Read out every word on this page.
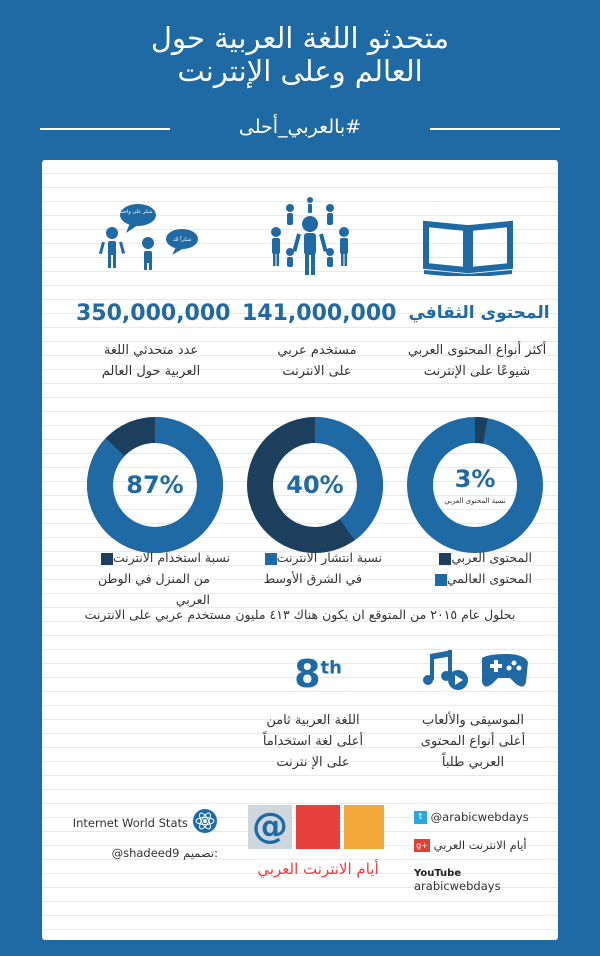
متحدثو اللغة العربية حول
العالم وعلى الإنترنت
#بالعربي_أحلى
لا شكر على واجب
شكراً لك
350,000,000 141,000,000 المحتوى الثقافي
عدد متحدثي اللغة
العربية حول العالم
مستخدم عربي
على الانترنت
أكثر أنواع المحتوى العربي
شيوعًا على الإنترنت
87%	40%	3%
نسبة المحتوى العربي
نسبة استخدام الانترنت
من المنزل في الوطن العربي
نسبة انتشار الانترنت
في الشرق الأوسط
المحتوى العربي
المحتوى العالمي
بحلول عام ٢٠١٥ من المتوقع ان يكون هناك ٤١٣ مليون مستخدم عربي على الانترنت
8th
اللغة العربية ثامن
أعلى لغة استخداماً
على الإ نترنت
الموسيقى والألعاب
أعلى أنواع المحتوى
العربي طلباً
Internet World Stats
@shadeed9 تصميم:
@
أيام الانترنت العربي
t @arabicwebdays
g+ أيام الانترنت العربي
YouTube arabicwebdays
